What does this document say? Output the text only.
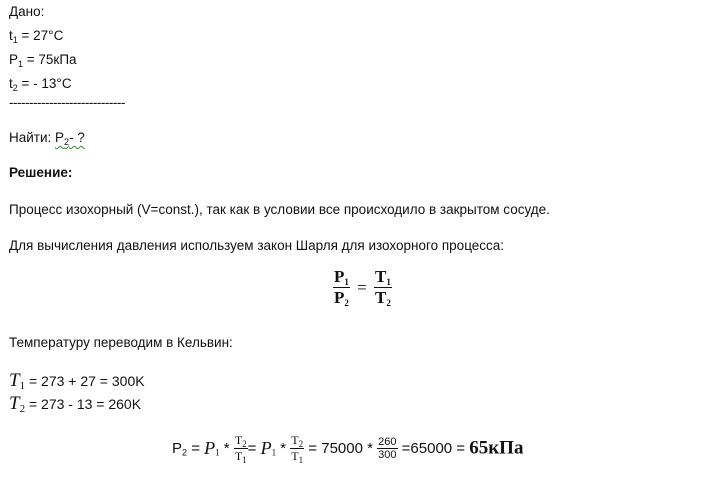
Дано:
$t_1 = 27^\circ C$
$P_1 = 75кПа$
$t_2$ = - 13°C
-----------------------------
Найти: $P_2-$ ?
Решение:
Процесс изохорный (V=const.), так как в условии все происходило в закрытом сосуде.
Для вычисления давления используем закон Шарля для изохорного процесса:
$\frac{P_1}{P_2} = \frac{T_1}{T_2}$
Температуру переводим в Кельвин:
$T_1 = 273 + 27 = 300K$
$T_2 = 273 - 13 = 260K$
$P_2 = P_1 * \frac{T_2}{T_1} = P_1 * \frac{T_2}{T_1} = 75000 * \frac{260}{300} =65000 = 65кПа$
